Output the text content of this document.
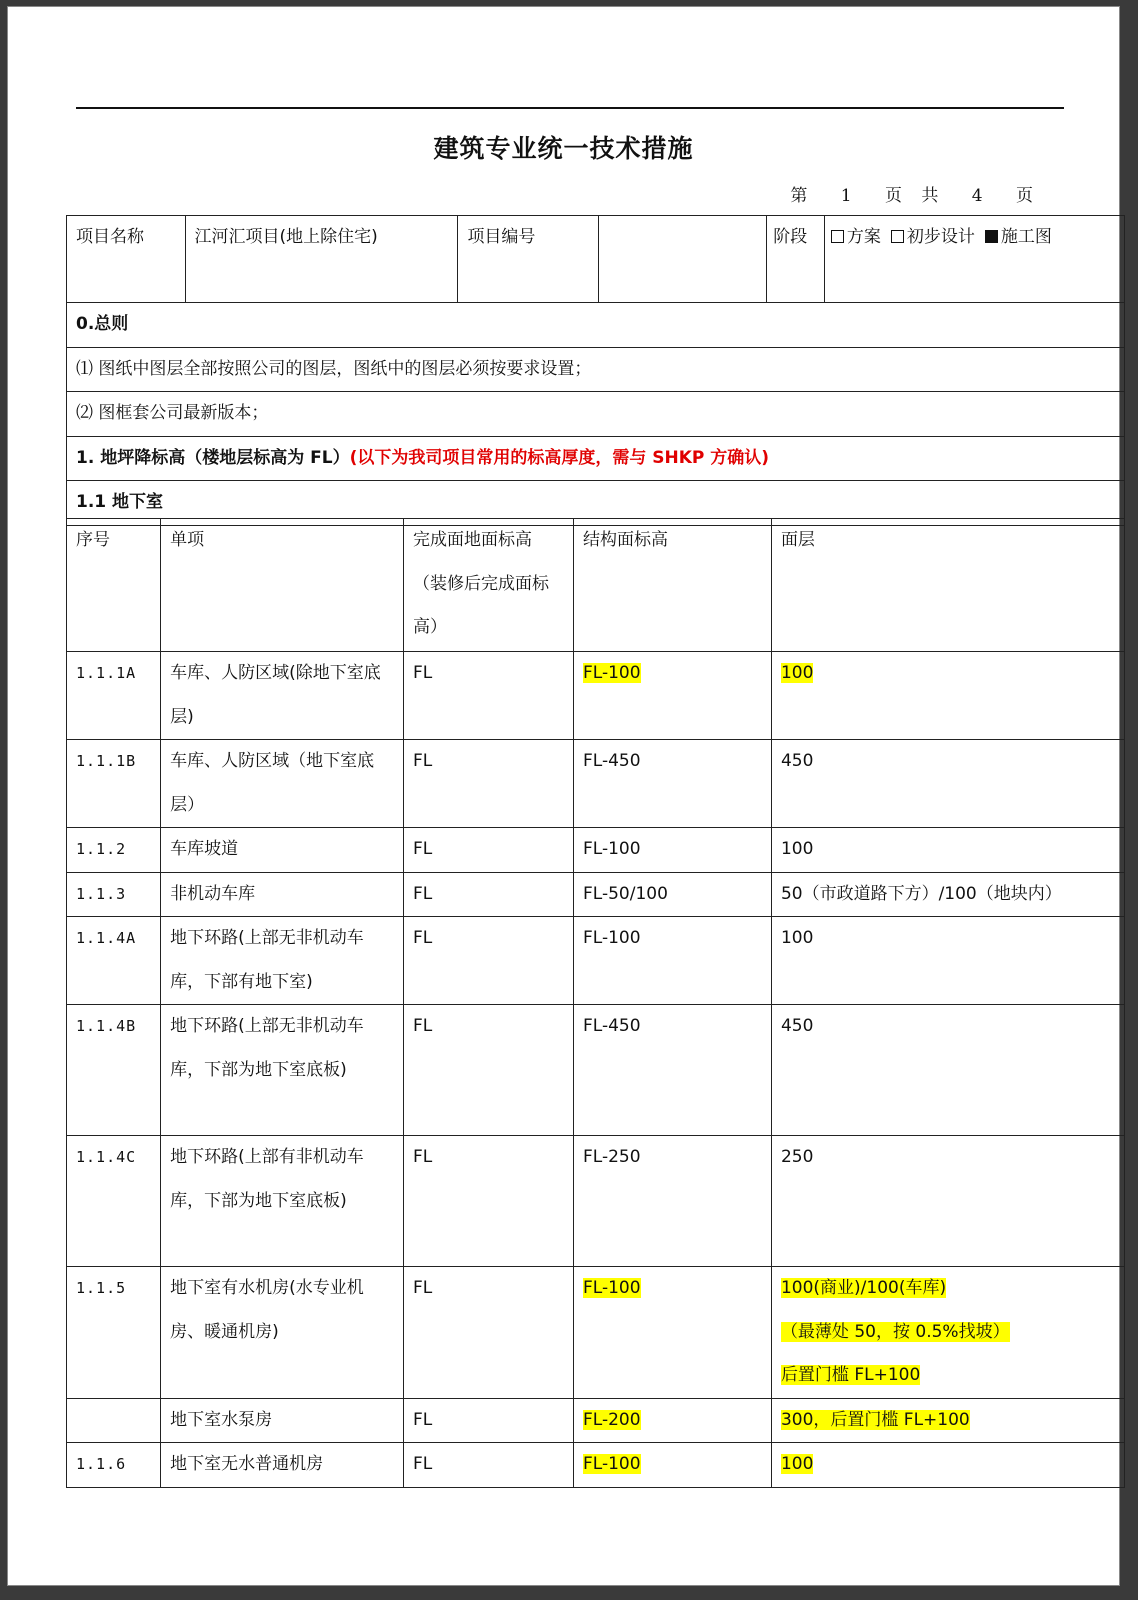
建筑专业统一技术措施
第 1 页 共 4 页
项目名称	江河汇项目(地上除住宅)	项目编号		阶段	方案 初步设计 施工图
0.总则
⑴ 图纸中图层全部按照公司的图层，图纸中的图层必须按要求设置；
⑵ 图框套公司最新版本；
1. 地坪降标高（楼地层标高为 FL）(以下为我司项目常用的标高厚度，需与 SHKP 方确认)
1.1 地下室
序号	单项	完成面地面标高（装修后完成面标高）	结构面标高	面层
1.1.1A	车库、人防区域(除地下室底层)	FL	FL-100	100
1.1.1B	车库、人防区域（地下室底层）	FL	FL-450	450
1.1.2	车库坡道	FL	FL-100	100
1.1.3	非机动车库	FL	FL-50/100	50（市政道路下方）/100（地块内）
1.1.4A	地下环路(上部无非机动车库，下部有地下室)	FL	FL-100	100
1.1.4B	地下环路(上部无非机动车库，下部为地下室底板)	FL	FL-450	450
1.1.4C	地下环路(上部有非机动车库，下部为地下室底板)	FL	FL-250	250
1.1.5	地下室有水机房(水专业机房、暖通机房)	FL	FL-100	100(商业)/100(车库)
（最薄处 50，按 0.5%找坡）
后置门槛 FL+100
	地下室水泵房	FL	FL-200	300，后置门槛 FL+100
1.1.6	地下室无水普通机房	FL	FL-100	100
